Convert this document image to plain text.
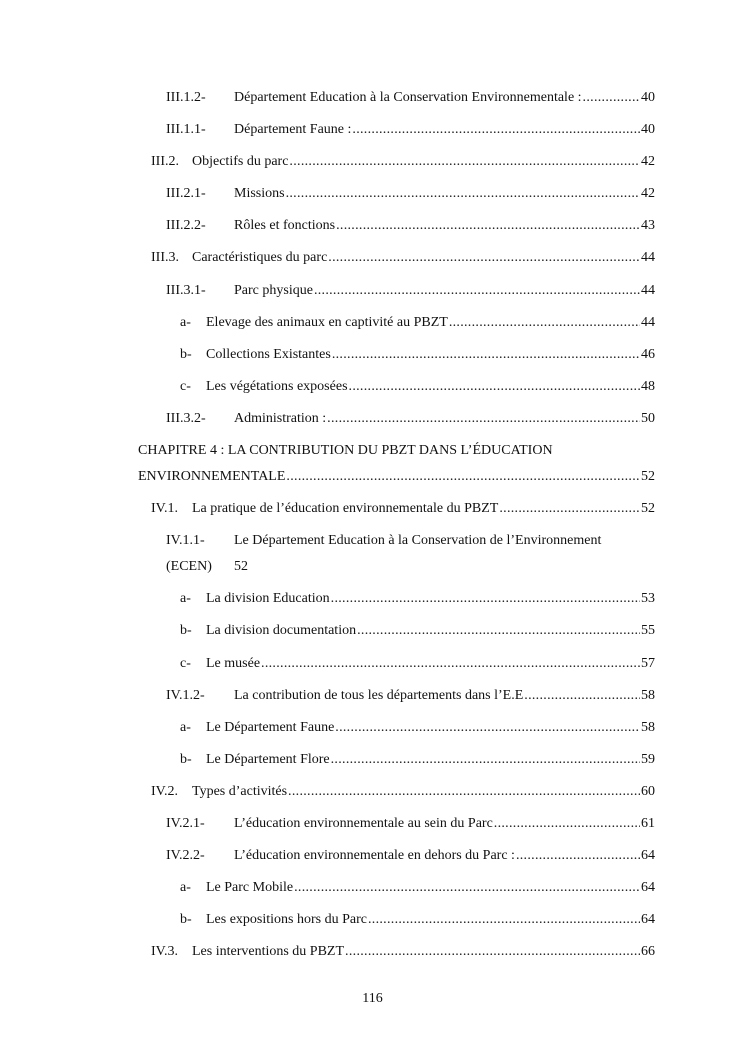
III.1.2- Département Education à la Conservation Environnementale : .....	40
III.1.1- Département Faune : .....	40
III.2. Objectifs du parc .....	42
III.2.1- Missions .....	42
III.2.2- Rôles et fonctions .....	43
III.3. Caractéristiques du parc .....	44
III.3.1- Parc physique .....	44
a- Elevage des animaux en captivité au PBZT .....	44
b- Collections Existantes .....	46
c- Les végétations exposées .....	48
III.3.2- Administration : .....	50
CHAPITRE 4 : LA CONTRIBUTION DU PBZT DANS L’ÉDUCATION
ENVIRONNEMENTALE .....	52
IV.1. La pratique de l’éducation environnementale du PBZT .....	52
IV.1.1- Le Département Education à la Conservation de l’Environnement
(ECEN) 52
a- La division Education .....	53
b- La division documentation .....	55
c- Le musée .....	57
IV.1.2- La contribution de tous les départements dans l’E.E .....	58
a- Le Département Faune .....	58
b- Le Département Flore .....	59
IV.2. Types d’activités .....	60
IV.2.1- L’éducation environnementale au sein du Parc .....	61
IV.2.2- L’éducation environnementale en dehors du Parc : .....	64
a- Le Parc Mobile .....	64
b- Les expositions hors du Parc .....	64
IV.3. Les interventions du PBZT .....	66
116
